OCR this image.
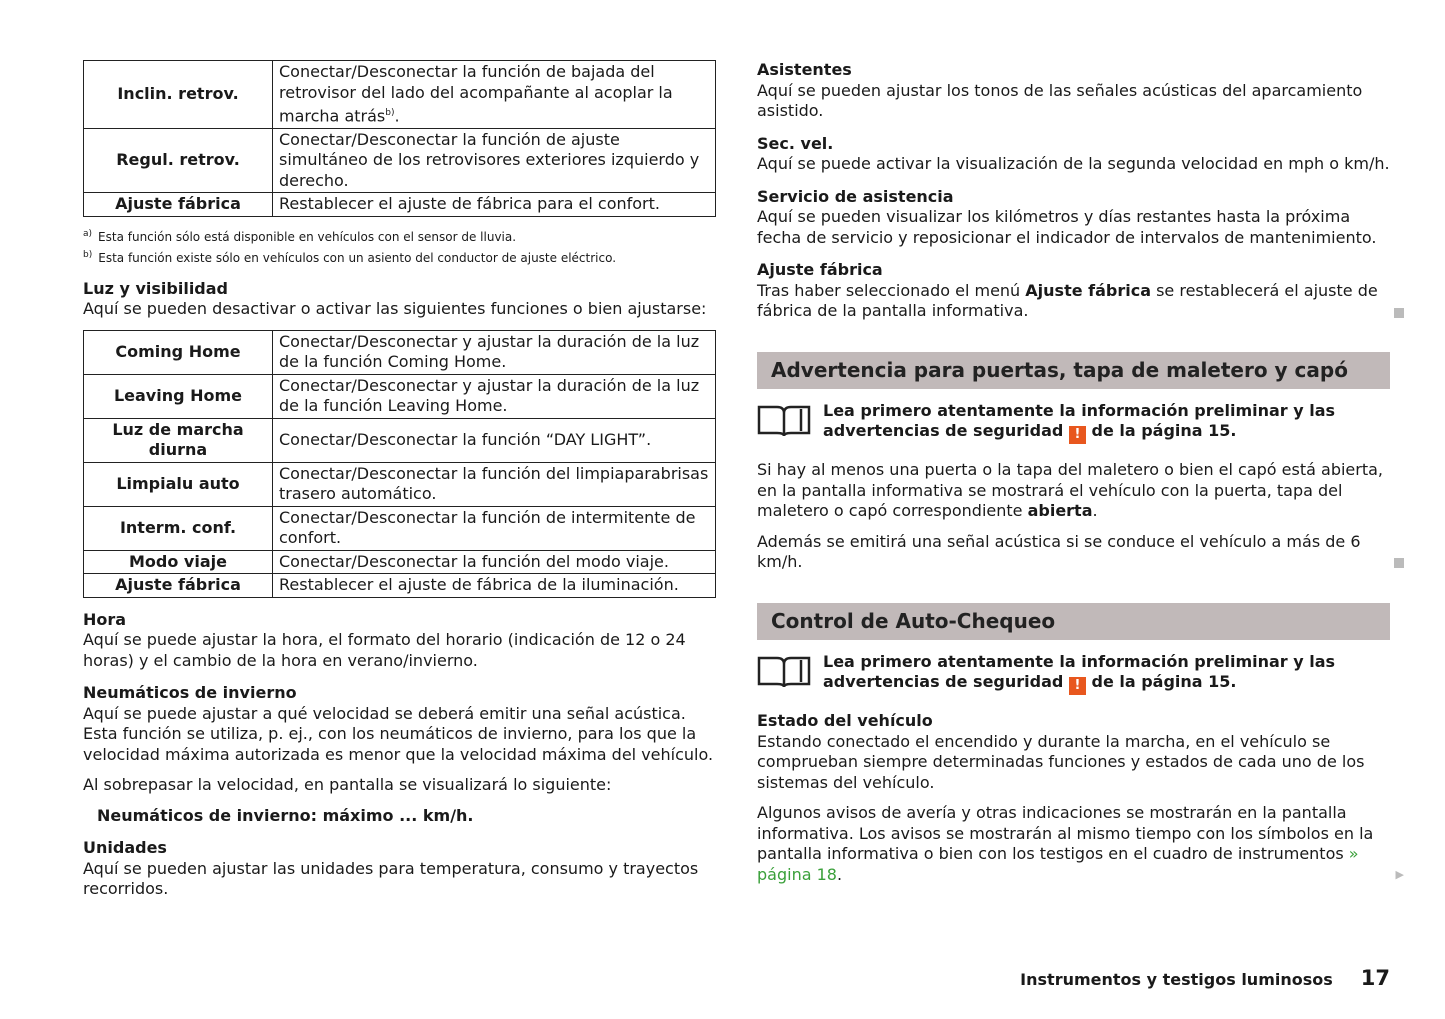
Inclin. retrov.	Conectar/Desconectar la función de bajada del retrovisor del lado del acompañante al acoplar la marcha atrás$^{b)}$.
Regul. retrov.	Conectar/Desconectar la función de ajuste simultáneo de los retrovisores exteriores izquierdo y derecho.
Ajuste fábrica	Restablecer el ajuste de fábrica para el confort.
$^{a)}$ Esta función sólo está disponible en vehículos con el sensor de lluvia.
$^{b)}$ Esta función existe sólo en vehículos con un asiento del conductor de ajuste eléctrico.
Luz y visibilidad

Aquí se pueden desactivar o activar las siguientes funciones o bien ajustarse:

Coming Home	Conectar/Desconectar y ajustar la duración de la luz de la función Coming Home.
Leaving Home	Conectar/Desconectar y ajustar la duración de la luz de la función Leaving Home.
Luz de marcha diurna	Conectar/Desconectar la función “DAY LIGHT”.
Limpialu auto	Conectar/Desconectar la función del limpiaparabrisas trasero automático.
Interm. conf.	Conectar/Desconectar la función de intermitente de confort.
Modo viaje	Conectar/Desconectar la función del modo viaje.
Ajuste fábrica	Restablecer el ajuste de fábrica de la iluminación.
Hora

Aquí se puede ajustar la hora, el formato del horario (indicación de 12 o 24 horas) y el cambio de la hora en verano/invierno.

Neumáticos de invierno

Aquí se puede ajustar a qué velocidad se deberá emitir una señal acústica. Esta función se utiliza, p. ej., con los neumáticos de invierno, para los que la velocidad máxima autorizada es menor que la velocidad máxima del vehículo.

Al sobrepasar la velocidad, en pantalla se visualizará lo siguiente:

Neumáticos de invierno: máximo ... km/h.

Unidades

Aquí se pueden ajustar las unidades para temperatura, consumo y trayectos recorridos.

Asistentes

Aquí se pueden ajustar los tonos de las señales acústicas del aparcamiento asistido.

Sec. vel.

Aquí se puede activar la visualización de la segunda velocidad en mph o km/h.

Servicio de asistencia

Aquí se pueden visualizar los kilómetros y días restantes hasta la próxima fecha de servicio y reposicionar el indicador de intervalos de mantenimiento.

Ajuste fábrica

Tras haber seleccionado el menú Ajuste fábrica se restablecerá el ajuste de fábrica de la pantalla informativa.

Advertencia para puertas, tapa de maletero y capó
Lea primero atentamente la información preliminar y las advertencias de seguridad ! de la página 15.

Si hay al menos una puerta o la tapa del maletero o bien el capó está abierta, en la pantalla informativa se mostrará el vehículo con la puerta, tapa del maletero o capó correspondiente abierta.

Además se emitirá una señal acústica si se conduce el vehículo a más de 6 km/h.

Control de Auto-Chequeo
Lea primero atentamente la información preliminar y las advertencias de seguridad ! de la página 15.
Estado del vehículo

Estando conectado el encendido y durante la marcha, en el vehículo se comprueban siempre determinadas funciones y estados de cada uno de los sistemas del vehículo.

Algunos avisos de avería y otras indicaciones se mostrarán en la pantalla informativa. Los avisos se mostrarán al mismo tiempo con los símbolos en la pantalla informativa o bien con los testigos en el cuadro de instrumentos » página 18.	▶

Instrumentos y testigos luminosos 17
